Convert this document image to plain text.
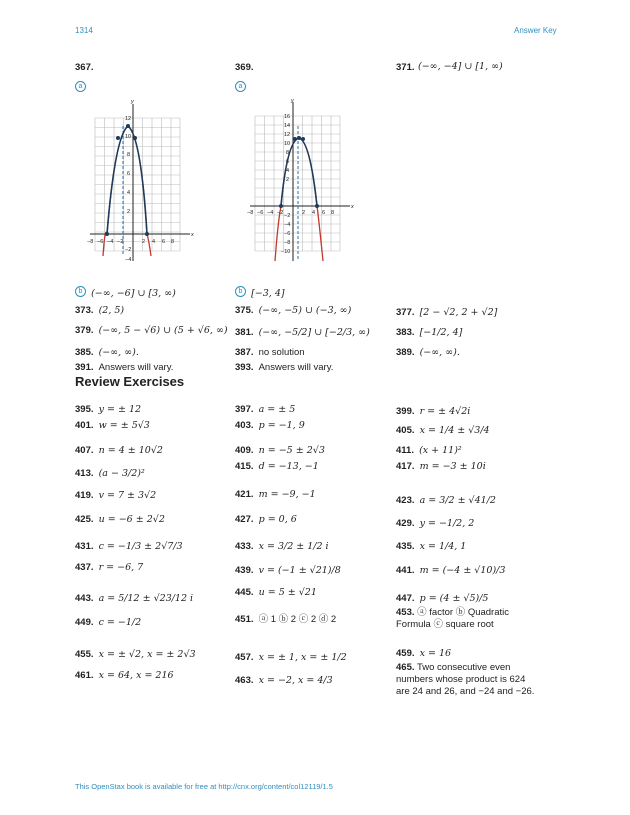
1314	Answer Key
367.
a
369.
a
371. (−∞, −4] ∪ [1, ∞)
12
10
8
6
4
2
−2
−4
−8 −6 −4 −2	2 4 6 8
x
y
16
14
12
10
8
6
4
2
−2
−4
−6
−8
−10
−8 −6 −4 −2	2 4 6 8
x
y
b (−∞, −6] ∪ [3, ∞)	b [−3, 4]
373. (2, 5)	375. (−∞, −5) ∪ (−3, ∞)	377. [2 − √2, 2 + √2]
379. (−∞, 5 − √6) ∪ (5 + √6, ∞) 381. (−∞, −5/2] ∪ [−2/3, ∞)	383. [−1/2, 4]
385. (−∞, ∞).	387. no solution	389. (−∞, ∞).
391. Answers will vary.	393. Answers will vary.
Review Exercises
395. y = ± 12	397. a = ± 5	399. r = ± 4√2i
401. w = ± 5√3	403. p = −1, 9	405. x = 1/4 ± √3/4
407. n = 4 ± 10√2	409. n = −5 ± 2√3	411. (x + 11)²
413. (a − 3/2)²
415. d = −13, −1	417. m = −3 ± 10i
419. v = 7 ± 3√2	421. m = −9, −1
423. a = 3/2 ± √41/2
425. u = −6 ± 2√2	427. p = 0, 6	429. y = −1/2, 2
431. c = −1/3 ± 2√7/3	433. x = 3/2 ± 1/2 i	435. x = 1/4, 1
437. r = −6, 7	439. v = (−1 ± √21)/8	441. m = (−4 ± √10)/3
443. a = 5/12 ± √23/12 i
445. u = 5 ± √21
447. p = (4 ± √5)/5
449. c = −1/2	451. ⓐ 1 ⓑ 2 ⓒ 2 ⓓ 2
453. ⓐ factor ⓑ Quadratic Formula ⓒ square root
455. x = ± √2, x = ± 2√3	457. x = ± 1, x = ± 1/2	459. x = 16
461. x = 64, x = 216	463. x = −2, x = 4/3
465. Two consecutive even numbers whose product is 624 are 24 and 26, and −24 and −26.
This OpenStax book is available for free at http://cnx.org/content/col12119/1.5
